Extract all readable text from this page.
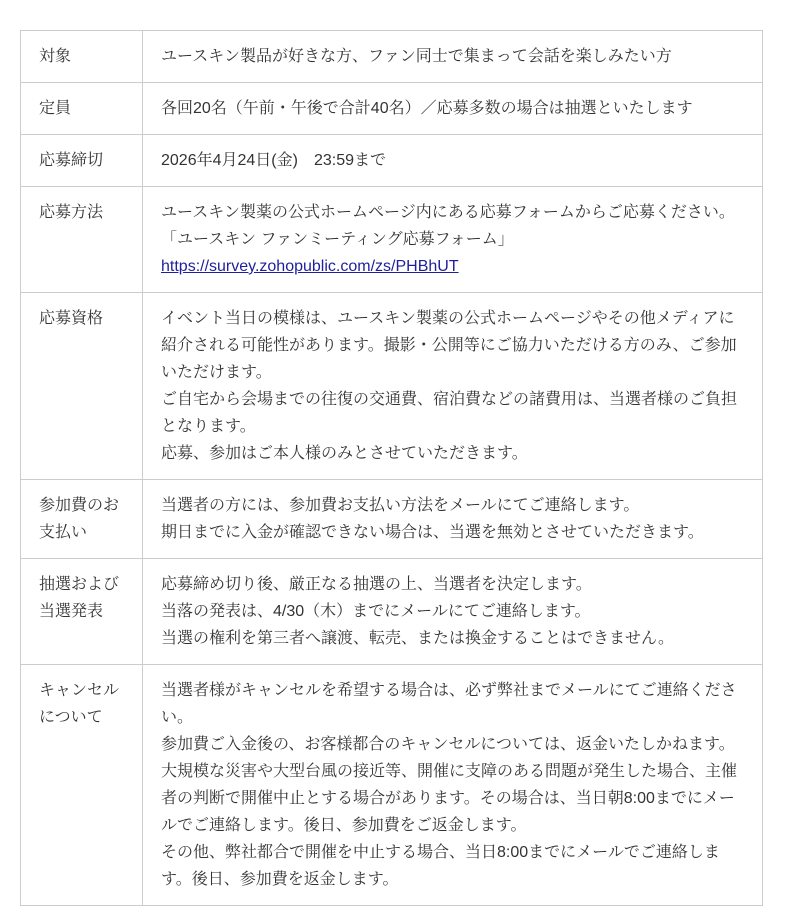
対象	ユースキン製品が好きな方、ファン同士で集まって会話を楽しみたい方

定員	各回20名（午前・午後で合計40名）／応募多数の場合は抽選といたします

応募締切	2026年4月24日(金)　23:59まで

応募方法	ユースキン製薬の公式ホームページ内にある応募フォームからご応募ください。
「ユースキン ファンミーティング応募フォーム」
https://survey.zohopublic.com/zs/PHBhUT

応募資格	イベント当日の模様は、ユースキン製薬の公式ホームページやその他メディアに紹介される可能性があります。撮影・公開等にご協力いただける方のみ、ご参加いただけます。
ご自宅から会場までの往復の交通費、宿泊費などの諸費用は、当選者様のご負担となります。
応募、参加はご本人様のみとさせていただきます。

参加費のお支払い	当選者の方には、参加費お支払い方法をメールにてご連絡します。
期日までに入金が確認できない場合は、当選を無効とさせていただきます。

抽選および当選発表	応募締め切り後、厳正なる抽選の上、当選者を決定します。
当落の発表は、4/30（木）までにメールにてご連絡します。
当選の権利を第三者へ譲渡、転売、または換金することはできません。

キャンセルについて	当選者様がキャンセルを希望する場合は、必ず弊社までメールにてご連絡ください。
参加費ご入金後の、お客様都合のキャンセルについては、返金いたしかねます。
大規模な災害や大型台風の接近等、開催に支障のある問題が発生した場合、主催者の判断で開催中止とする場合があります。その場合は、当日朝8:00までにメールでご連絡します。後日、参加費をご返金します。
その他、弊社都合で開催を中止する場合、当日8:00までにメールでご連絡します。後日、参加費を返金します。
